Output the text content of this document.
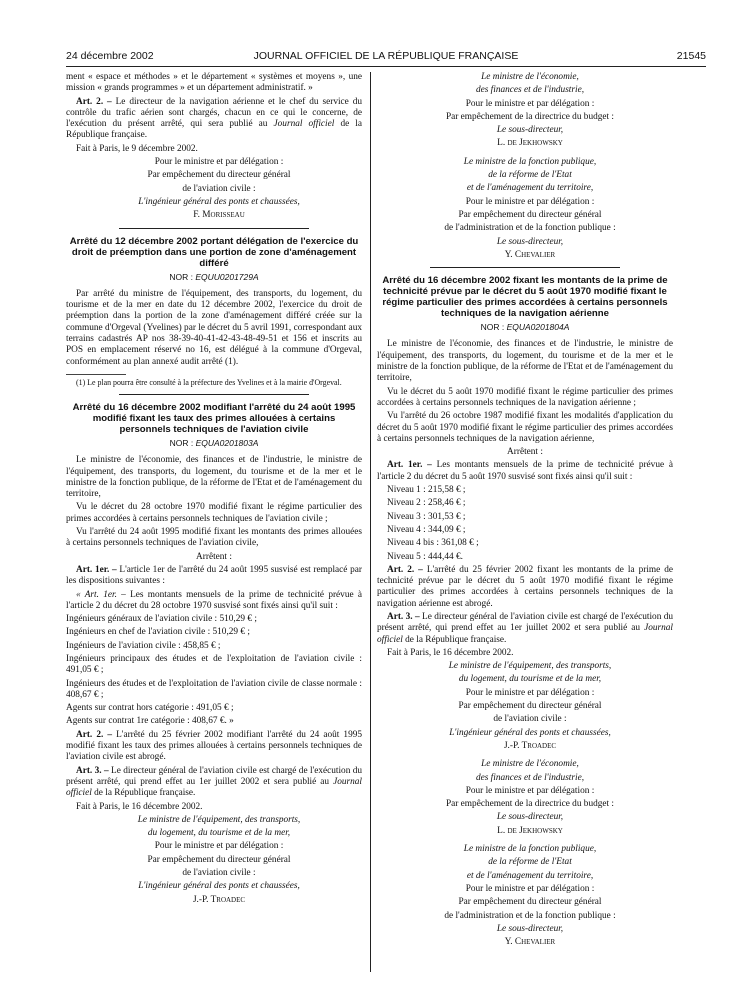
24 décembre 2002	JOURNAL OFFICIEL DE LA RÉPUBLIQUE FRANÇAISE	21545

ment « espace et méthodes » et le département « systèmes et moyens », une mission « grands programmes » et un département administratif. »

Art. 2. – Le directeur de la navigation aérienne et le chef du service du contrôle du trafic aérien sont chargés, chacun en ce qui le concerne, de l'exécution du présent arrêté, qui sera publié au Journal officiel de la République française.

Fait à Paris, le 9 décembre 2002.

Pour le ministre et par délégation :

Par empêchement du directeur général

de l'aviation civile :

L'ingénieur général des ponts et chaussées,

F. Morisseau

Arrêté du 12 décembre 2002 portant délégation de l'exercice du droit de préemption dans une portion de zone d'aménagement différé
NOR : EQUU0201729A

Par arrêté du ministre de l'équipement, des transports, du logement, du tourisme et de la mer en date du 12 décembre 2002, l'exercice du droit de préemption dans la portion de la zone d'aménagement différé créée sur la commune d'Orgeval (Yvelines) par le décret du 5 avril 1991, correspondant aux terrains cadastrés AP nos 38-39-40-41-42-43-48-49-51 et 156 et inscrits au POS en emplacement réservé no 16, est délégué à la commune d'Orgeval, conformément au plan annexé audit arrêté (1).

(1) Le plan pourra être consulté à la préfecture des Yvelines et à la mairie d'Orgeval.

Arrêté du 16 décembre 2002 modifiant l'arrêté du 24 août 1995 modifié fixant les taux des primes allouées à certains personnels techniques de l'aviation civile
NOR : EQUA0201803A

Le ministre de l'économie, des finances et de l'industrie, le ministre de l'équipement, des transports, du logement, du tourisme et de la mer et le ministre de la fonction publique, de la réforme de l'Etat et de l'aménagement du territoire,

Vu le décret du 28 octobre 1970 modifié fixant le régime particulier des primes accordées à certains personnels techniques de l'aviation civile ;

Vu l'arrêté du 24 août 1995 modifié fixant les montants des primes allouées à certains personnels techniques de l'aviation civile,

Arrêtent :

Art. 1er. – L'article 1er de l'arrêté du 24 août 1995 susvisé est remplacé par les dispositions suivantes :

« Art. 1er. – Les montants mensuels de la prime de technicité prévue à l'article 2 du décret du 28 octobre 1970 susvisé sont fixés ainsi qu'il suit :

Ingénieurs généraux de l'aviation civile : 510,29 € ;

Ingénieurs en chef de l'aviation civile : 510,29 € ;

Ingénieurs de l'aviation civile : 458,85 € ;

Ingénieurs principaux des études et de l'exploitation de l'aviation civile : 491,05 € ;

Ingénieurs des études et de l'exploitation de l'aviation civile de classe normale : 408,67 € ;

Agents sur contrat hors catégorie : 491,05 € ;

Agents sur contrat 1re catégorie : 408,67 €. »

Art. 2. – L'arrêté du 25 février 2002 modifiant l'arrêté du 24 août 1995 modifié fixant les taux des primes allouées à certains personnels techniques de l'aviation civile est abrogé.

Art. 3. – Le directeur général de l'aviation civile est chargé de l'exécution du présent arrêté, qui prend effet au 1er juillet 2002 et sera publié au Journal officiel de la République française.

Fait à Paris, le 16 décembre 2002.

Le ministre de l'équipement, des transports,

du logement, du tourisme et de la mer,

Pour le ministre et par délégation :

Par empêchement du directeur général

de l'aviation civile :

L'ingénieur général des ponts et chaussées,

J.-P. Troadec

Le ministre de l'économie,

des finances et de l'industrie,

Pour le ministre et par délégation :

Par empêchement de la directrice du budget :

Le sous-directeur,

L. de Jekhowsky

Le ministre de la fonction publique,

de la réforme de l'Etat

et de l'aménagement du territoire,

Pour le ministre et par délégation :

Par empêchement du directeur général

de l'administration et de la fonction publique :

Le sous-directeur,

Y. Chevalier

Arrêté du 16 décembre 2002 fixant les montants de la prime de technicité prévue par le décret du 5 août 1970 modifié fixant le régime particulier des primes accordées à certains personnels techniques de la navigation aérienne
NOR : EQUA0201804A

Le ministre de l'économie, des finances et de l'industrie, le ministre de l'équipement, des transports, du logement, du tourisme et de la mer et le ministre de la fonction publique, de la réforme de l'Etat et de l'aménagement du territoire,

Vu le décret du 5 août 1970 modifié fixant le régime particulier des primes accordées à certains personnels techniques de la navigation aérienne ;

Vu l'arrêté du 26 octobre 1987 modifié fixant les modalités d'application du décret du 5 août 1970 modifié fixant le régime particulier des primes accordées à certains personnels techniques de la navigation aérienne,

Arrêtent :

Art. 1er. – Les montants mensuels de la prime de technicité prévue à l'article 2 du décret du 5 août 1970 susvisé sont fixés ainsi qu'il suit :

Niveau 1 : 215,58 € ;

Niveau 2 : 258,46 € ;

Niveau 3 : 301,53 € ;

Niveau 4 : 344,09 € ;

Niveau 4 bis : 361,08 € ;

Niveau 5 : 444,44 €.

Art. 2. – L'arrêté du 25 février 2002 fixant les montants de la prime de technicité prévue par le décret du 5 août 1970 modifié fixant le régime particulier des primes accordées à certains personnels techniques de la navigation aérienne est abrogé.

Art. 3. – Le directeur général de l'aviation civile est chargé de l'exécution du présent arrêté, qui prend effet au 1er juillet 2002 et sera publié au Journal officiel de la République française.

Fait à Paris, le 16 décembre 2002.

Le ministre de l'équipement, des transports,

du logement, du tourisme et de la mer,

Pour le ministre et par délégation :

Par empêchement du directeur général

de l'aviation civile :

L'ingénieur général des ponts et chaussées,

J.-P. Troadec

Le ministre de l'économie,

des finances et de l'industrie,

Pour le ministre et par délégation :

Par empêchement de la directrice du budget :

Le sous-directeur,

L. de Jekhowsky

Le ministre de la fonction publique,

de la réforme de l'Etat

et de l'aménagement du territoire,

Pour le ministre et par délégation :

Par empêchement du directeur général

de l'administration et de la fonction publique :

Le sous-directeur,

Y. Chevalier
